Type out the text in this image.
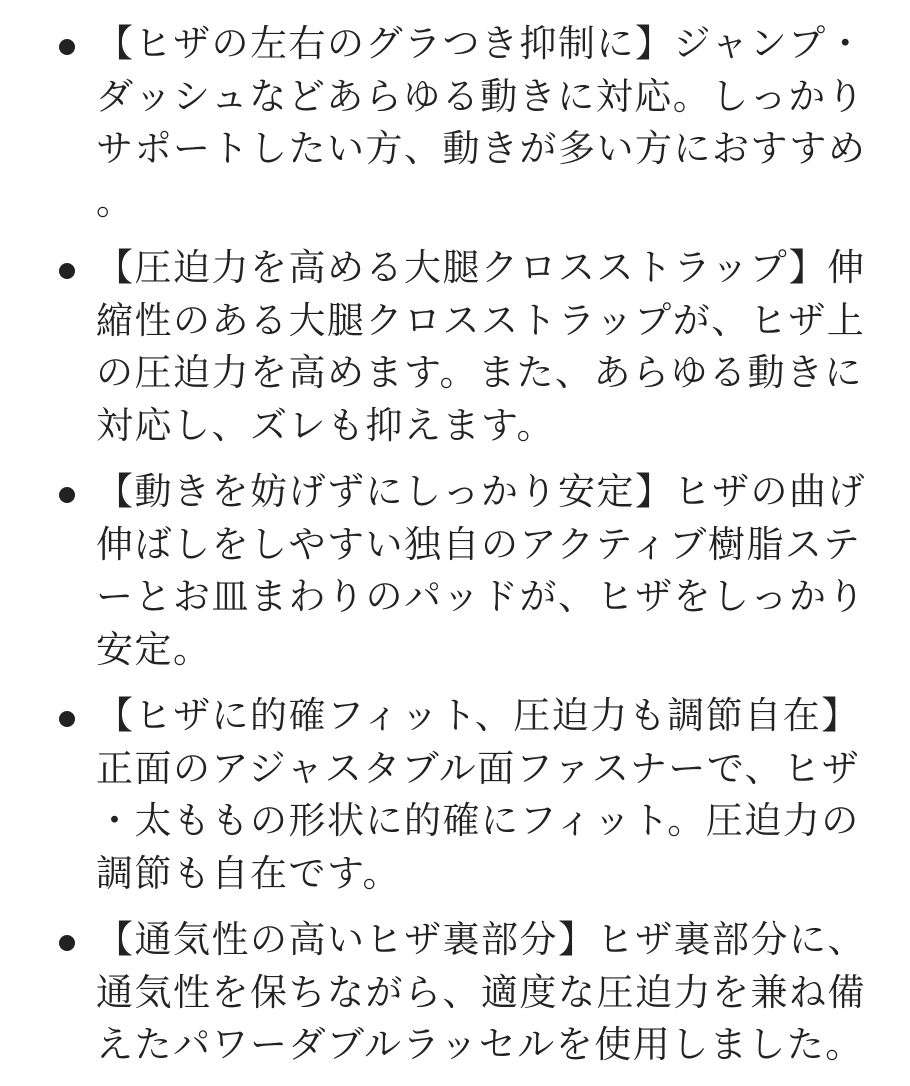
【ヒザの左右のグラつき抑制に】ジャンプ・ダッシュなどあらゆる動きに対応。しっかりサポートしたい方、動きが多い方におすすめ。
【圧迫力を高める大腿クロスストラップ】伸縮性のある大腿クロスストラップが、ヒザ上の圧迫力を高めます。また、あらゆる動きに対応し、ズレも抑えます。
【動きを妨げずにしっかり安定】ヒザの曲げ伸ばしをしやすい独自のアクティブ樹脂ステーとお皿まわりのパッドが、ヒザをしっかり安定。
【ヒザに的確フィット、圧迫力も調節自在】正面のアジャスタブル面ファスナーで、ヒザ・太ももの形状に的確にフィット。圧迫力の調節も自在です。
【通気性の高いヒザ裏部分】ヒザ裏部分に、通気性を保ちながら、適度な圧迫力を兼ね備えたパワーダブルラッセルを使用しました。
